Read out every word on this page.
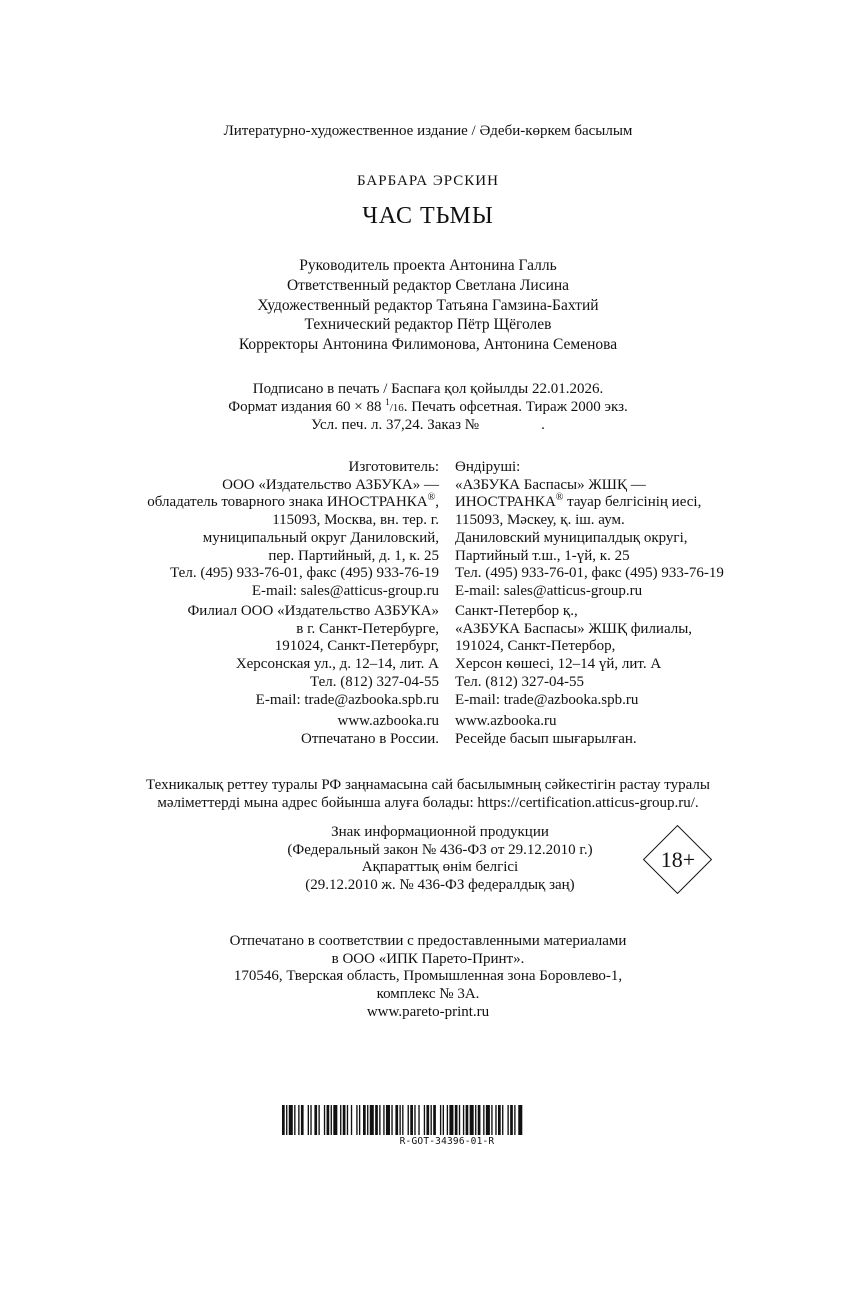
Литературно-художественное издание / Әдеби-көркем басылым
БАРБАРА ЭРСКИН
ЧАС ТЬМЫ
Руководитель проекта Антонина Галль
Ответственный редактор Светлана Лисина
Художественный редактор Татьяна Гамзина-Бахтий
Технический редактор Пётр Щёголев
Корректоры Антонина Филимонова, Антонина Семенова
Подписано в печать / Баспаға қол қойылды 22.01.2026.
Формат издания 60 × 88 $^1$/16. Печать офсетная. Тираж 2000 экз.
Усл. печ. л. 37,24. Заказ №	.
Изготовитель:
ООО «Издательство АЗБУКА» —
обладатель товарного знака ИНОСТРАНКА®,
115093, Москва, вн. тер. г.
муниципальный округ Даниловский,
пер. Партийный, д. 1, к. 25
Тел. (495) 933-76-01, факс (495) 933-76-19
E-mail: sales@atticus-group.ru
Өндіруші:
«АЗБУКА Баспасы» ЖШҚ —
ИНОСТРАНКА® тауар белгісінің иесі,
115093, Мәскеу, қ. іш. аум.
Даниловский муниципалдық округі,
Партийный т.ш., 1-үй, к. 25
Тел. (495) 933-76-01, факс (495) 933-76-19
E-mail: sales@atticus-group.ru
Филиал ООО «Издательство АЗБУКА»
в г. Санкт-Петербурге,
191024, Санкт-Петербург,
Херсонская ул., д. 12–14, лит. А
Тел. (812) 327-04-55
E-mail: trade@azbooka.spb.ru
Санкт-Петербор қ.,
«АЗБУКА Баспасы» ЖШҚ филиалы,
191024, Санкт-Петербор,
Херсон көшесі, 12–14 үй, лит. А
Тел. (812) 327-04-55
E-mail: trade@azbooka.spb.ru
www.azbooka.ru
Отпечатано в России.
www.azbooka.ru
Ресейде басып шығарылған.
Техникалық реттеу туралы РФ заңнамасына сай басылымның сәйкестігін растау туралы
мәліметтерді мына адрес бойынша алуға болады: https://certification.atticus-group.ru/.
Знак информационной продукции
(Федеральный закон № 436-ФЗ от 29.12.2010 г.)
Ақпараттық өнім белгісі
(29.12.2010 ж. № 436-ФЗ федералдық заң)
18+
Отпечатано в соответствии с предоставленными материалами
в ООО «ИПК Парето-Принт».
170546, Тверская область, Промышленная зона Боровлево-1,
комплекс № 3А.
www.pareto-print.ru
R-GOT-34396-01-R
